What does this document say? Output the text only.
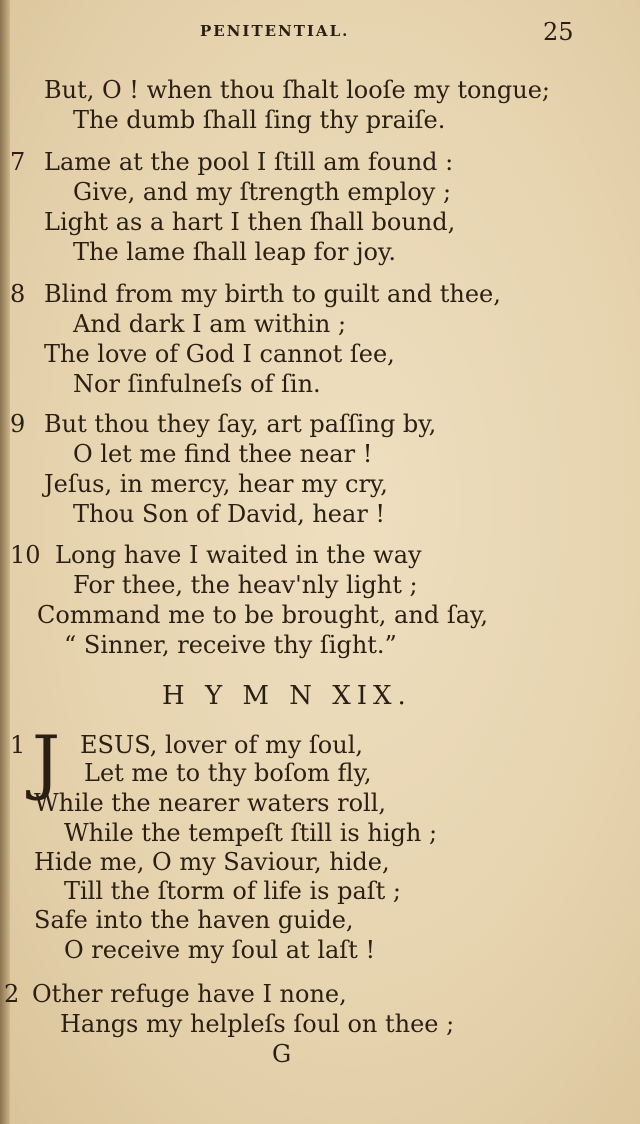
PENITENTIAL.	25
But, O ! when thou ſhalt looſe my tongue;
The dumb ſhall ſing thy praiſe.
7 Lame at the pool I ſtill am found :
Give, and my ſtrength employ ;
Light as a hart I then ſhall bound,
The lame ſhall leap for joy.
8 Blind from my birth to guilt and thee,
And dark I am within ;
The love of God I cannot ſee,
Nor ſinfulneſs of ſin.
9 But thou they ſay, art paſſing by,
O let me find thee near !
Jeſus, in mercy, hear my cry,
Thou Son of David, hear !
10 Long have I waited in the way
For thee, the heav'nly light ;
Command me to be brought, and ſay,
“ Sinner, receive thy ſight.”
H Y M N XIX.
1 J ESUS, lover of my ſoul,
Let me to thy boſom fly,
While the nearer waters roll,
While the tempeſt ſtill is high ;
Hide me, O my Saviour, hide,
Till the ſtorm of life is paſt ;
Safe into the haven guide,
O receive my ſoul at laſt !
2 Other refuge have I none,
Hangs my helpleſs ſoul on thee ;
G
